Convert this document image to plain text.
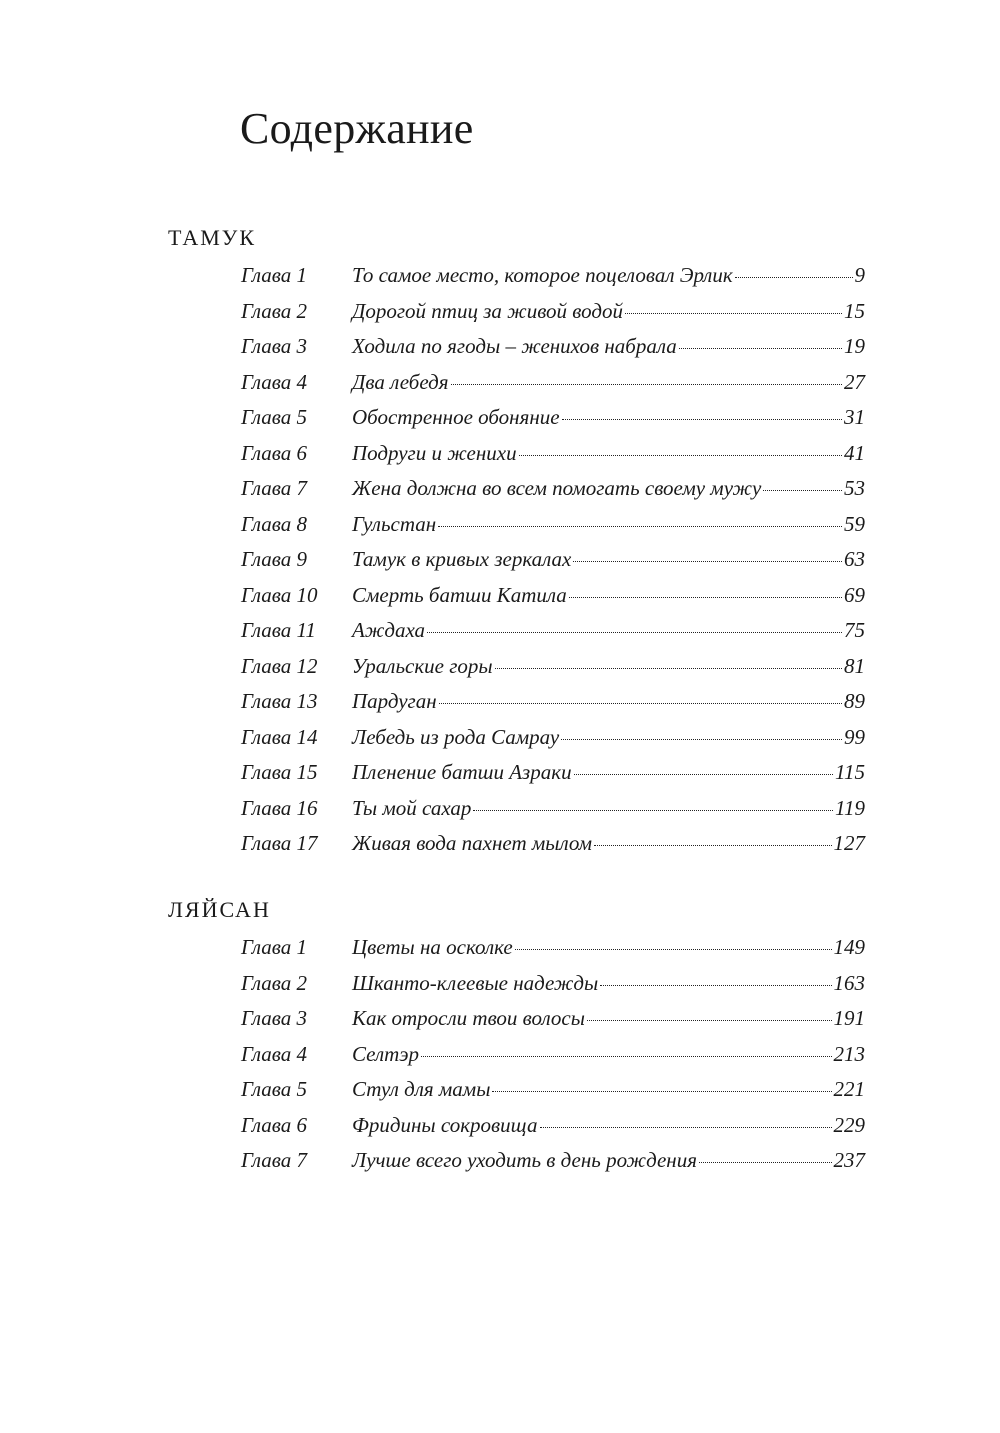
Содержание
ТАМУК
Глава 1 То самое место, которое поцеловал Эрлик	9
Глава 2 Дорогой птиц за живой водой	15
Глава 3 Ходила по ягоды – женихов набрала	19
Глава 4 Два лебедя	27
Глава 5 Обостренное обоняние	31
Глава 6 Подруги и женихи	41
Глава 7 Жена должна во всем помогать своему мужу	53
Глава 8 Гульстан	59
Глава 9 Тамук в кривых зеркалах	63
Глава 10 Смерть батши Катила	69
Глава 11 Аждаха	75
Глава 12 Уральские горы	81
Глава 13 Пардуган	89
Глава 14 Лебедь из рода Самрау	99
Глава 15 Пленение батши Азраки	115
Глава 16 Ты мой сахар	119
Глава 17 Живая вода пахнет мылом	127
ЛЯЙСАН
Глава 1 Цветы на осколке	149
Глава 2 Шканто-клеевые надежды	163
Глава 3 Как отросли твои волосы	191
Глава 4 Селтэр	213
Глава 5 Стул для мамы	221
Глава 6 Фридины сокровища	229
Глава 7 Лучше всего уходить в день рождения	237
